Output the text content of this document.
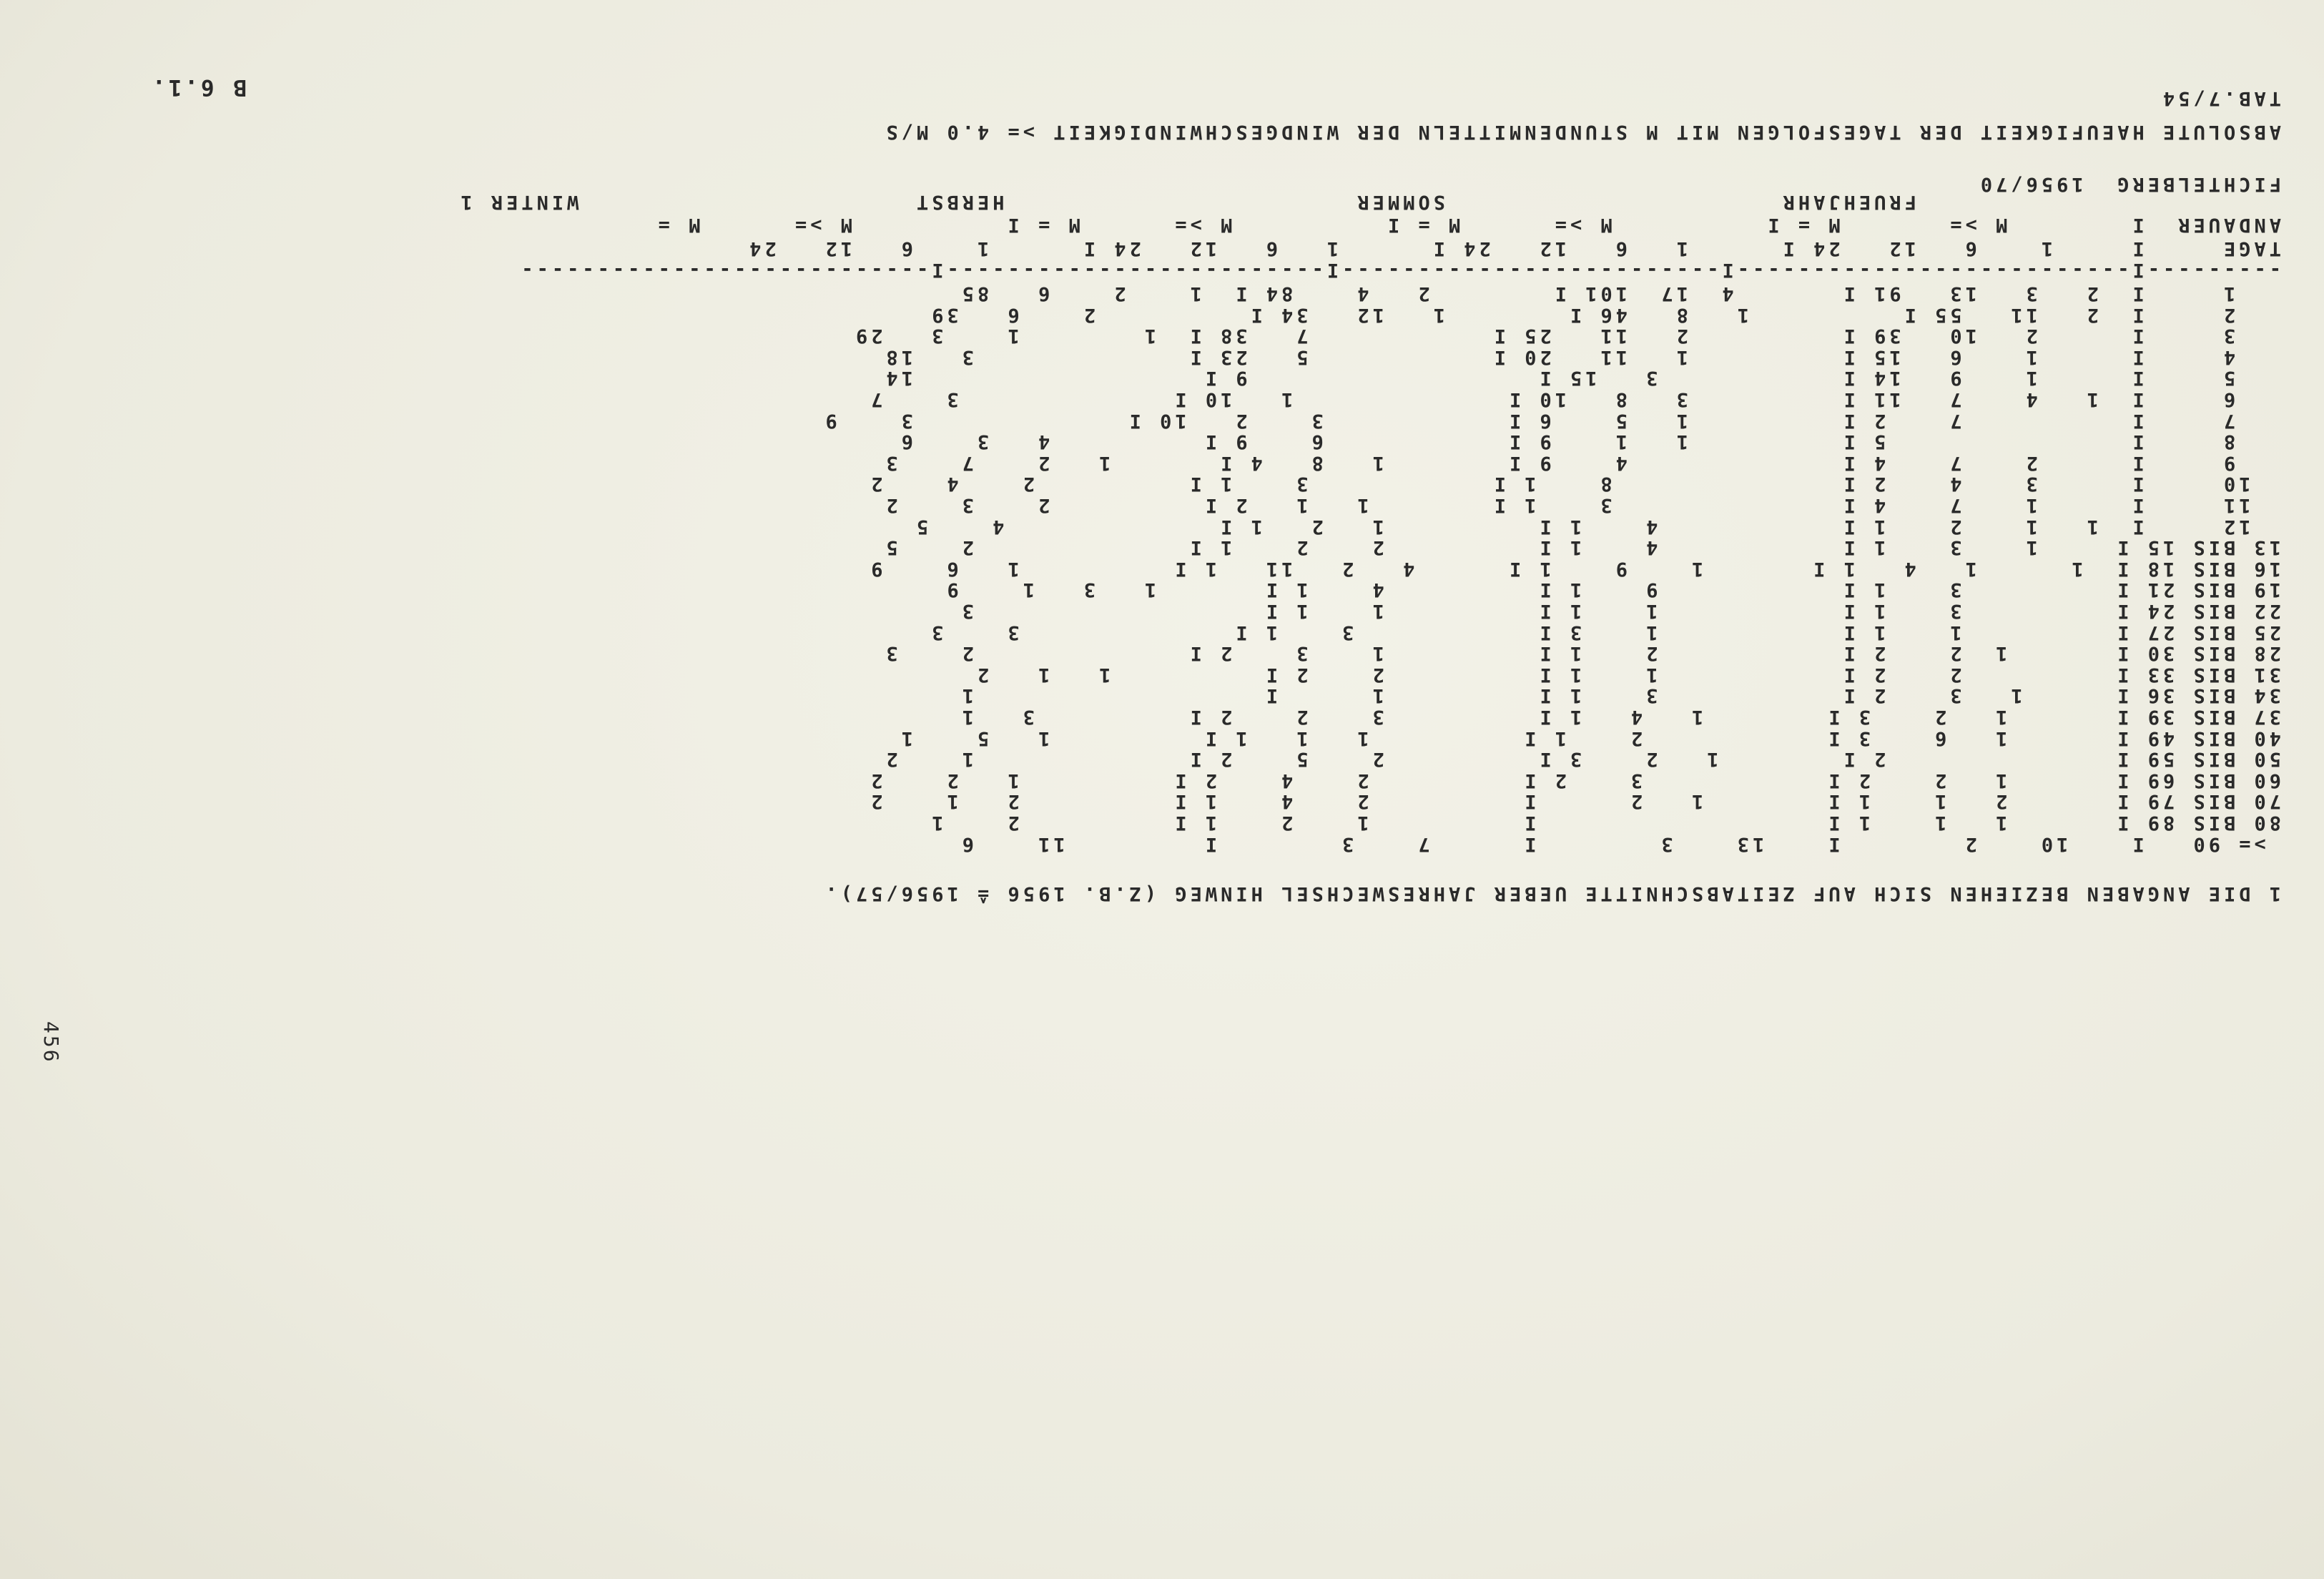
B 6.1.	TAB.7/54
ABSOLUTE HAEUFIGKEIT DER TAGESFOLGEN MIT M STUNDENMITTELN DER WINDGESCHWINDIGKEIT >= 4.0 M/S
FICHTELBERG  1956/70
FRUEHJAHR                      SOMMER                       HERBST                      WINTER 1
ANDAUER  I        M >=       M = I          M >=      M = I          M >=      M = I          M >=      M =
TAGE     I     1    6   12   24 I      1   6   12   24 I      1   6   12   24 I      1    6   12   24
---------I--------------------------I-------------------------I-------------------------I---------------------------
1     I  2   3   13   91 I       4  17  101 I        2   4    84 I  1    2    6   85
2     I  2   11   55 I          1   8   46 I        1   12   34 I          2    6   39
3     I      2   10   39 I          2   11   25 I            7   38 I  1        1    3   29
4     I      1    6   15 I          1   11   20 I            5   23 I              3   18
5     I      1    9   14 I            3   15 I                   9 I                   14
6     I  1   4    7   11 I          3   8   10 I              1   10 I              3    7
7     I           7    2 I          1   5    6 I            3    2   10 I              3    9
8     I                5 I          1   1    9 I            6    9 I          4   3    6
9     I      2    7    4 I              4    9 I        1   8   4 I       1   2    7    3
10     I      3    4    2 I               8    1 I            3    1 I          2    4    2
11     I      1    7    4 I               3    1 I        1   1   2 I          2    3    2
12     I  1   1    2    1 I            4    1 I          1   2   1 I              4    5
13 BIS 15 I     1    3    1 I            4    1 I          2    2    1 I              2    5
16 BIS 18 I  1      1   4   1 I       1    9    1 I      4   2   11   1 I          1   6    9
19 BIS 21 I          3    1 I            9    1 I          4    1 I       1   3   1    9
22 BIS 24 I          3    1 I            1    1 I          1    1 I                   3
25 BIS 27 I          1    1 I            1    3 I            3    1 I              3    3
28 BIS 30 I       1  2    2 I            2    1 I          1    3    2 I              2    3
31 BIS 33 I          2    2 I            1    1 I          2    2 I          1   1   2
34 BIS 36 I      1   3    2 I            3    1 I          1      I                   1
37 BIS 39 I       1   2    3 I        1   4   1 I          3    2    2 I          3   1
40 BIS 49 I       1   6    3 I            2    1 I          1   1   1 I          1   5    1
50 BIS 59 I               2 I        1   2    3 I          2    5    2 I              1    2
60 BIS 69 I       1   2    2 I            3    2 I          2    4    2 I          1   2    2
70 BIS 79 I       2   1    1 I        1   2      I          2    4    1 I          2   1    2
80 BIS 89 I       1   1    1 I                   I          1    2    1 I          2    1
>= 90   I    10    2        I    13    3        I      7    3        I         11    6
1 DIE ANGABEN BEZIEHEN SICH AUF ZEITABSCHNITTE UEBER JAHRESWECHSEL HINWEG (Z.B. 1956 ≙ 1956/57).
456
